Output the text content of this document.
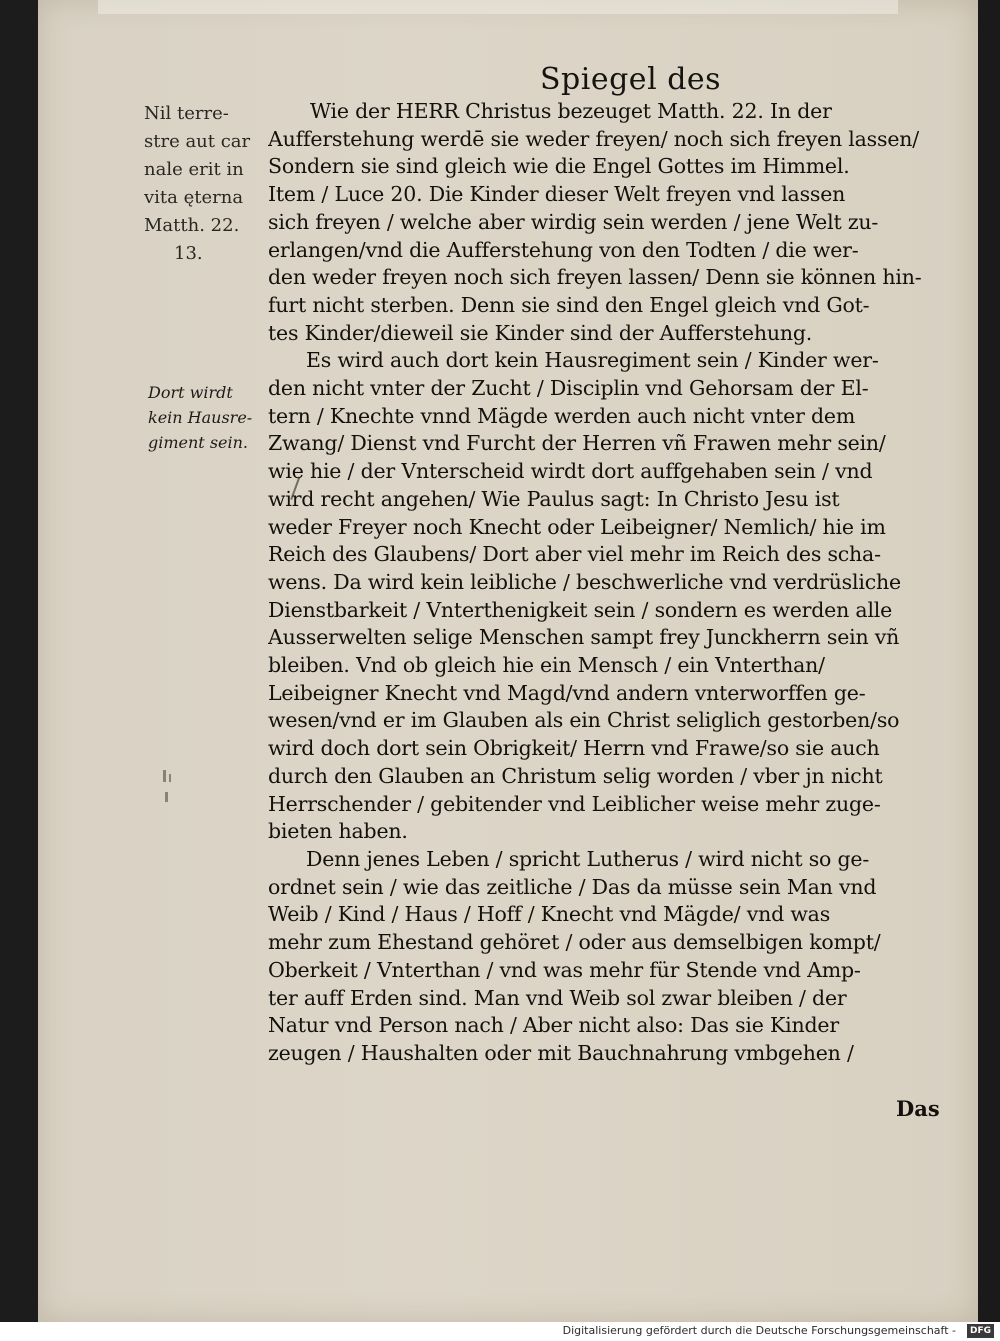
Spiegel des
Nil terre-
stre aut car
nale erit in
vita ęterna
Matth. 22.
13.
Dort wirdt
kein Hausre-
giment sein.
Wie der HERR Christus bezeuget Matth. 22. In der
Aufferstehung werdē sie weder freyen/ noch sich freyen lassen/
Sondern sie sind gleich wie die Engel Gottes im Himmel.
Item / Luce 20. Die Kinder dieser Welt freyen vnd lassen
sich freyen / welche aber wirdig sein werden / jene Welt zu-
erlangen/vnd die Aufferstehung von den Todten / die wer-
den weder freyen noch sich freyen lassen/ Denn sie können hin-
furt nicht sterben. Denn sie sind den Engel gleich vnd Got-
tes Kinder/dieweil sie Kinder sind der Aufferstehung.
Es wird auch dort kein Hausregiment sein / Kinder wer-
den nicht vnter der Zucht / Disciplin vnd Gehorsam der El-
tern / Knechte vnnd Mägde werden auch nicht vnter dem
Zwang/ Dienst vnd Furcht der Herren vñ Frawen mehr sein/
wie hie / der Vnterscheid wirdt dort auffgehaben sein / vnd
wird recht angehen/ Wie Paulus sagt: In Christo Jesu ist
weder Freyer noch Knecht oder Leibeigner/ Nemlich/ hie im
Reich des Glaubens/ Dort aber viel mehr im Reich des scha-
wens. Da wird kein leibliche / beschwerliche vnd verdrüsliche
Dienstbarkeit / Vnterthenigkeit sein / sondern es werden alle
Ausserwelten selige Menschen sampt frey Junckherrn sein vñ
bleiben. Vnd ob gleich hie ein Mensch / ein Vnterthan/
Leibeigner Knecht vnd Magd/vnd andern vnterworffen ge-
wesen/vnd er im Glauben als ein Christ seliglich gestorben/so
wird doch dort sein Obrigkeit/ Herrn vnd Frawe/so sie auch
durch den Glauben an Christum selig worden / vber jn nicht
Herrschender / gebitender vnd Leiblicher weise mehr zuge-
bieten haben.
Denn jenes Leben / spricht Lutherus / wird nicht so ge-
ordnet sein / wie das zeitliche / Das da müsse sein Man vnd
Weib / Kind / Haus / Hoff / Knecht vnd Mägde/ vnd was
mehr zum Ehestand gehöret / oder aus demselbigen kompt/
Oberkeit / Vnterthan / vnd was mehr für Stende vnd Amp-
ter auff Erden sind. Man vnd Weib sol zwar bleiben / der
Natur vnd Person nach / Aber nicht also: Das sie Kinder
zeugen / Haushalten oder mit Bauchnahrung vmbgehen /
Das
Digitalisierung gefördert durch die Deutsche Forschungsgemeinschaft -	DFG
